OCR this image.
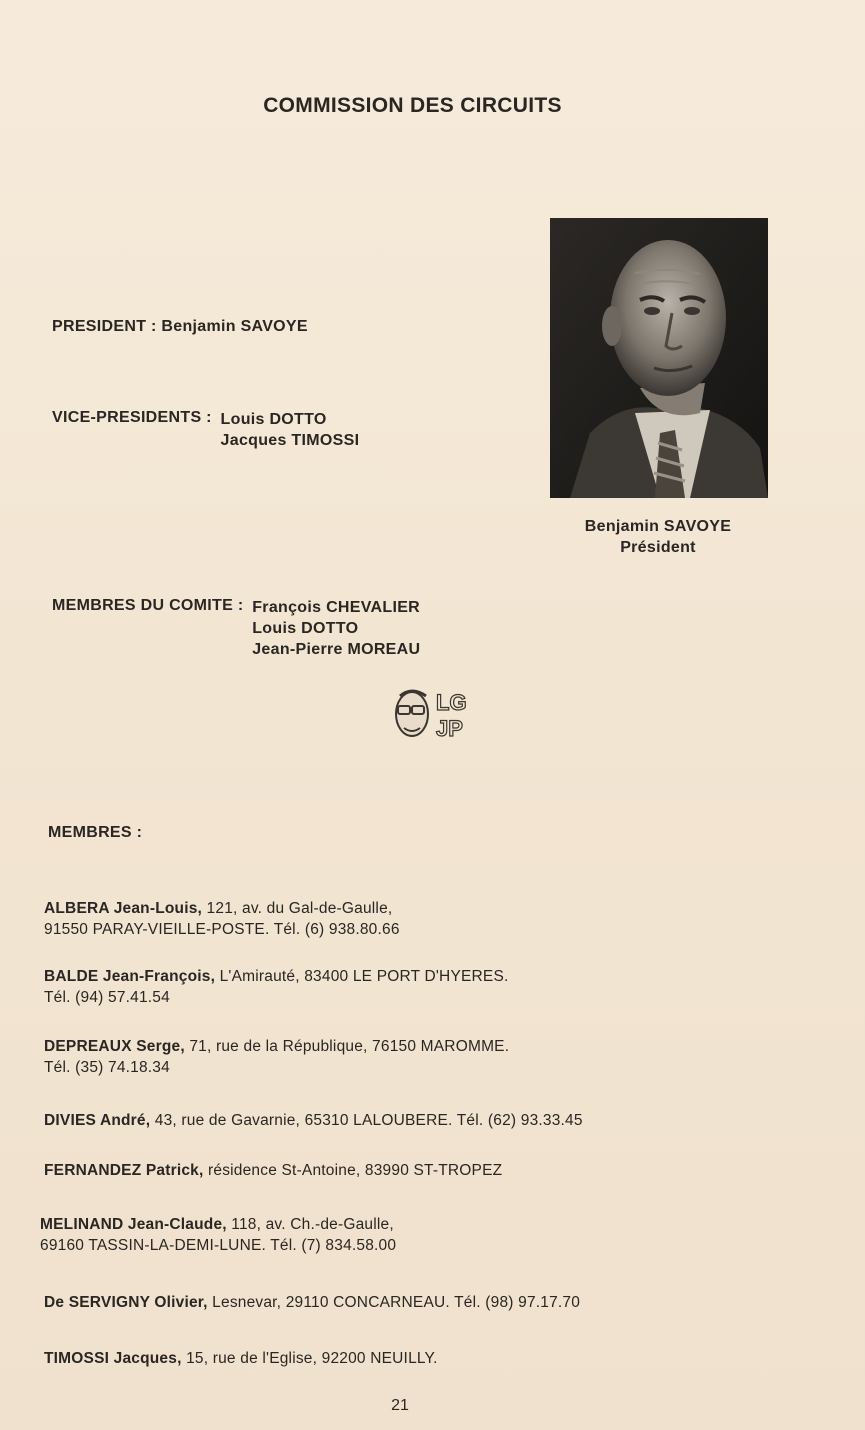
COMMISSION DES CIRCUITS
PRESIDENT : Benjamin SAVOYE
VICE-PRESIDENTS : Louis DOTTO
Jacques TIMOSSI
Benjamin SAVOYE
Président
MEMBRES DU COMITE : François CHEVALIER
Louis DOTTO
Jean-Pierre MOREAU
LG
JP
MEMBRES :
ALBERA Jean-Louis, 121, av. du Gal-de-Gaulle,
91550 PARAY-VIEILLE-POSTE. Tél. (6) 938.80.66
BALDE Jean-François, L'Amirauté, 83400 LE PORT D'HYERES.
Tél. (94) 57.41.54
DEPREAUX Serge, 71, rue de la République, 76150 MAROMME.
Tél. (35) 74.18.34
DIVIES André, 43, rue de Gavarnie, 65310 LALOUBERE. Tél. (62) 93.33.45
FERNANDEZ Patrick, résidence St-Antoine, 83990 ST-TROPEZ
MELINAND Jean-Claude, 118, av. Ch.-de-Gaulle,
69160 TASSIN-LA-DEMI-LUNE. Tél. (7) 834.58.00
De SERVIGNY Olivier, Lesnevar, 29110 CONCARNEAU. Tél. (98) 97.17.70
TIMOSSI Jacques, 15, rue de l'Eglise, 92200 NEUILLY.
21
